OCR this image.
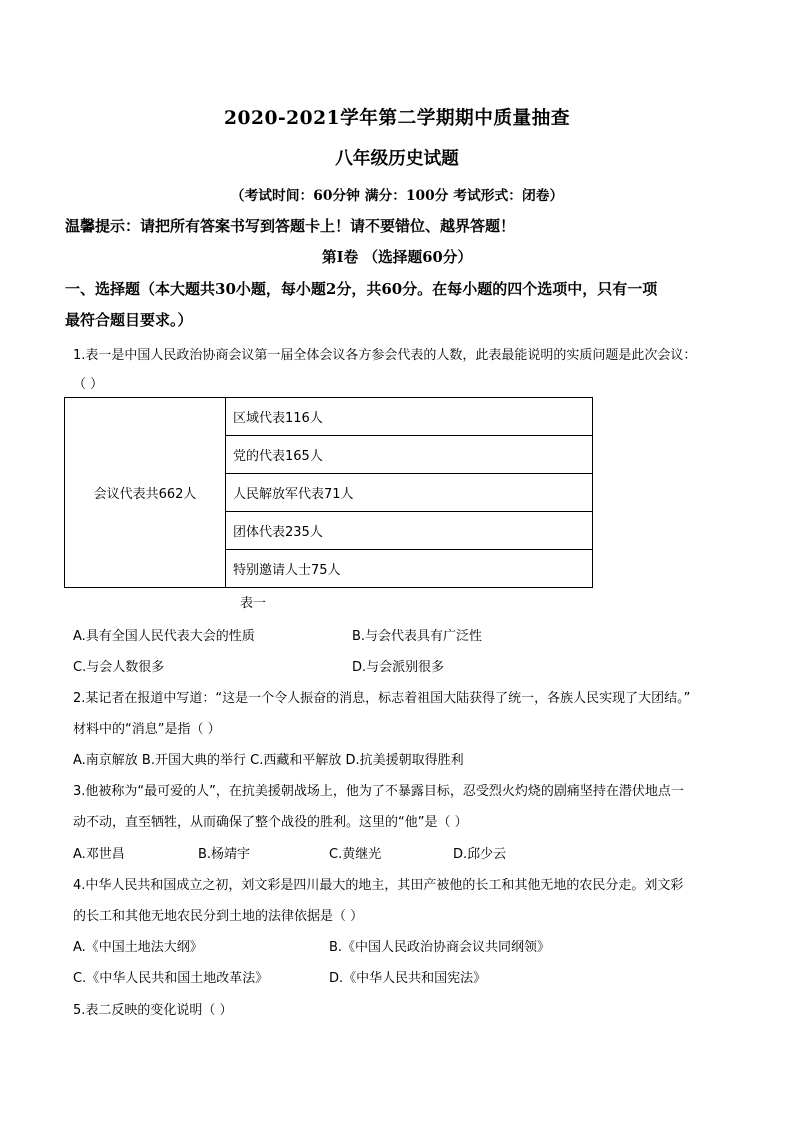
2020-2021学年第二学期期中质量抽查
八年级历史试题
（考试时间：60分钟 满分：100分 考试形式：闭卷）
温馨提示：请把所有答案书写到答题卡上！请不要错位、越界答题！
第Ⅰ卷 （选择题60分）
一、选择题（本大题共30小题，每小题2分，共60分。在每小题的四个选项中，只有一项
最符合题目要求。）
1.表一是中国人民政治协商会议第一届全体会议各方参会代表的人数，此表最能说明的实质问题是此次会议：
（ ）
会议代表共662人	区域代表116人
党的代表165人
人民解放军代表71人
团体代表235人
特别邀请人士75人
表一
A.具有全国人民代表大会的性质	B.与会代表具有广泛性
C.与会人数很多	D.与会派别很多
2.某记者在报道中写道：“这是一个令人振奋的消息，标志着祖国大陆获得了统一，各族人民实现了大团结。”
材料中的“消息”是指（ ）
A.南京解放 B.开国大典的举行 C.西藏和平解放 D.抗美援朝取得胜利
3.他被称为“最可爱的人”，在抗美援朝战场上，他为了不暴露目标，忍受烈火灼烧的剧痛坚持在潜伏地点一
动不动，直至牺牲，从而确保了整个战役的胜利。这里的“他”是（ ）
A.邓世昌	B.杨靖宇	C.黄继光	D.邱少云
4.中华人民共和国成立之初，刘文彩是四川最大的地主，其田产被他的长工和其他无地的农民分走。刘文彩
的长工和其他无地农民分到土地的法律依据是（ ）
A.《中国土地法大纲》	B.《中国人民政治协商会议共同纲领》
C.《中华人民共和国土地改革法》	D.《中华人民共和国宪法》
5.表二反映的变化说明（ ）
